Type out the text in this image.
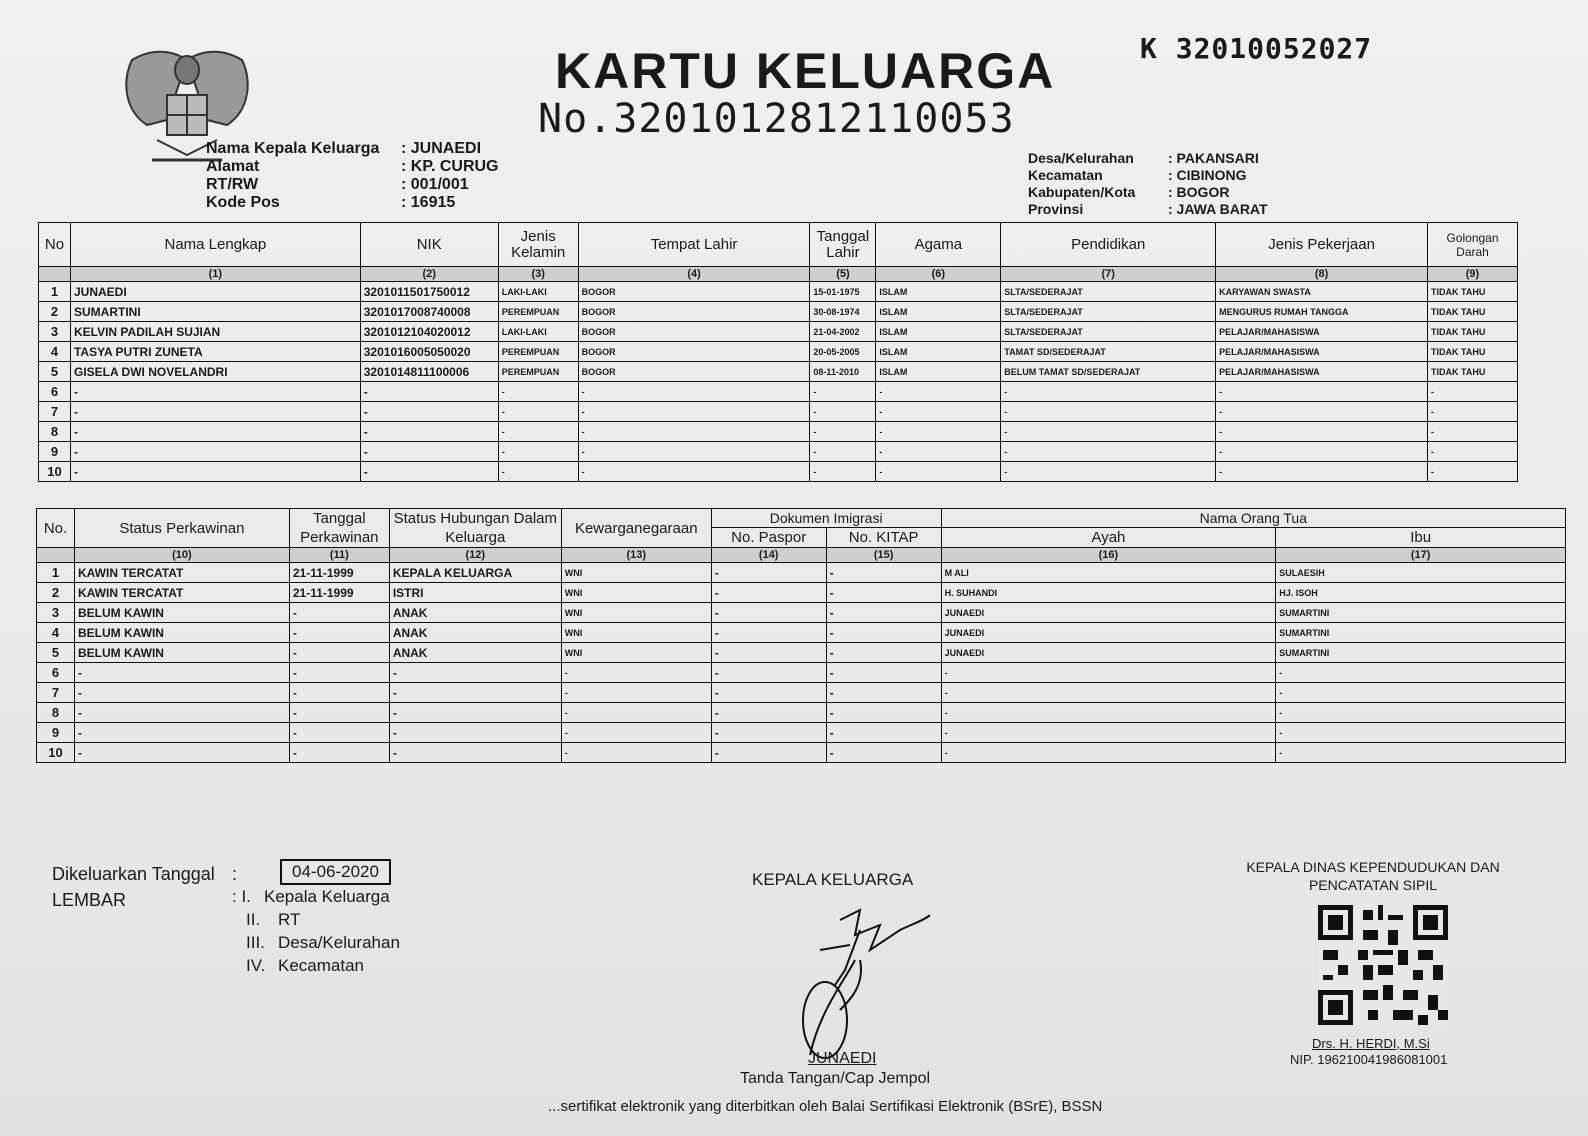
KARTU KELUARGA
No.3201012812110053
K 32010052027
Nama Kepala Keluarga : JUNAEDI
Alamat	: KP. CURUG
RT/RW	: 001/001
Kode Pos	: 16915
Desa/Kelurahan : PAKANSARI
Kecamatan	: CIBINONG
Kabupaten/Kota : BOGOR
Provinsi	: JAWA BARAT
No	Nama Lengkap	NIK	Jenis Kelamin	Tempat Lahir	Tanggal Lahir	Agama	Pendidikan	Jenis Pekerjaan	Golongan Darah
	(1)	(2)	(3)	(4)	(5)	(6)	(7)	(8)	(9)
1	JUNAEDI	3201011501750012	LAKI-LAKI	BOGOR	15-01-1975	ISLAM	SLTA/SEDERAJAT	KARYAWAN SWASTA	TIDAK TAHU
2	SUMARTINI	3201017008740008	PEREMPUAN	BOGOR	30-08-1974	ISLAM	SLTA/SEDERAJAT	MENGURUS RUMAH TANGGA	TIDAK TAHU
3	KELVIN PADILAH SUJIAN	3201012104020012	LAKI-LAKI	BOGOR	21-04-2002	ISLAM	SLTA/SEDERAJAT	PELAJAR/MAHASISWA	TIDAK TAHU
4	TASYA PUTRI ZUNETA	3201016005050020	PEREMPUAN	BOGOR	20-05-2005	ISLAM	TAMAT SD/SEDERAJAT	PELAJAR/MAHASISWA	TIDAK TAHU
5	GISELA DWI NOVELANDRI	3201014811100006	PEREMPUAN	BOGOR	08-11-2010	ISLAM	BELUM TAMAT SD/SEDERAJAT	PELAJAR/MAHASISWA	TIDAK TAHU
6	-	-	-	-	-	-	-	-	-
7	-	-	-	-	-	-	-	-	-
8	-	-	-	-	-	-	-	-	-
9	-	-	-	-	-	-	-	-	-
10	-	-	-	-	-	-	-	-	-
No.	Status Perkawinan	Tanggal Perkawinan	Status Hubungan Dalam Keluarga	Kewarganegaraan	Dokumen Imigrasi		Nama Orang Tua	
					No. Paspor	No. KITAP	Ayah	Ibu
	(10)	(11)	(12)	(13)	(14)	(15)	(16)	(17)
1	KAWIN TERCATAT	21-11-1999	KEPALA KELUARGA	WNI	-	-	M ALI	SULAESIH
2	KAWIN TERCATAT	21-11-1999	ISTRI	WNI	-	-	H. SUHANDI	HJ. ISOH
3	BELUM KAWIN	-	ANAK	WNI	-	-	JUNAEDI	SUMARTINI
4	BELUM KAWIN	-	ANAK	WNI	-	-	JUNAEDI	SUMARTINI
5	BELUM KAWIN	-	ANAK	WNI	-	-	JUNAEDI	SUMARTINI
6	-	-	-	-	-	-	-	-
7	-	-	-	-	-	-	-	-
8	-	-	-	-	-	-	-	-
9	-	-	-	-	-	-	-	-
10	-	-	-	-	-	-	-	-
Dikeluarkan Tanggal :	04-06-2020
LEMBAR	: I. Kepala Keluarga
II. RT
III. Desa/Kelurahan
IV. Kecamatan
KEPALA KELUARGA
JUNAEDI
Tanda Tangan/Cap Jempol
KEPALA DINAS KEPENDUDUKAN DAN
PENCATATAN SIPIL
Drs. H. HERDI, M.Si
NIP. 196210041986081001
...sertifikat elektronik yang diterbitkan oleh Balai Sertifikasi Elektronik (BSrE), BSSN
